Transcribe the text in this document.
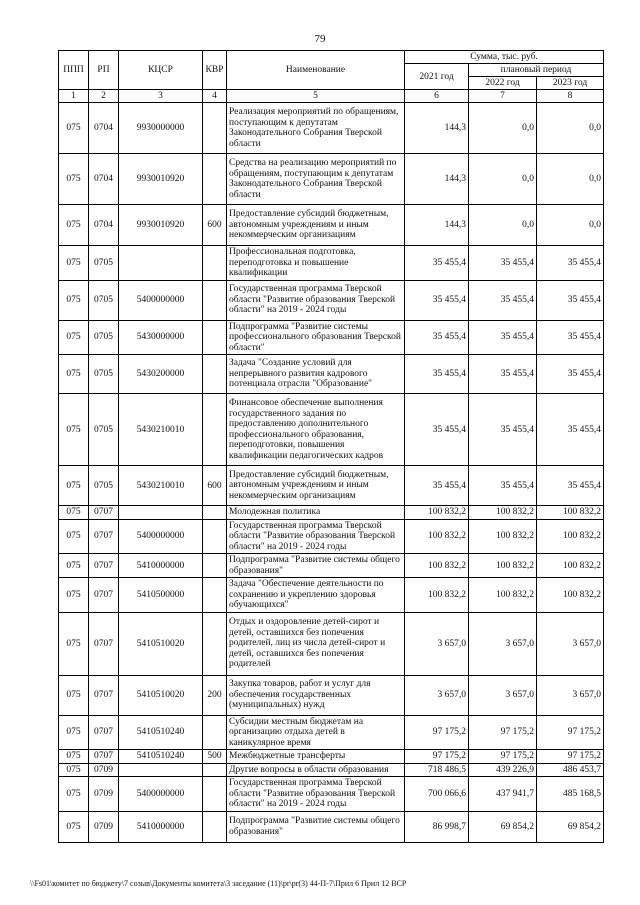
79
ППП	РП	КЦСР	КВР	Наименование	Сумма, тыс. руб.		
					2021 год	плановый период	
						2022 год	2023 год
1	2	3	4	5	6	7	8
075	0704	9930000000		Реализация мероприятий по обращениям, поступающим к депутатам Законодательного Собрания Тверской области	144,3	0,0	0,0
075	0704	9930010920		Средства на реализацию мероприятий по обращениям, поступающим к депутатам Законодательного Собрания Тверской области	144,3	0,0	0,0
075	0704	9930010920	600	Предоставление субсидий бюджетным, автономным учреждениям и иным некоммерческим организациям	144,3	0,0	0,0
075	0705			Профессиональная подготовка, переподготовка и повышение квалификации	35 455,4	35 455,4	35 455,4
075	0705	5400000000		Государственная программа Тверской области "Развитие образования Тверской области" на 2019 - 2024 годы	35 455,4	35 455,4	35 455,4
075	0705	5430000000		Подпрограмма "Развитие системы профессионального образования Тверской области"	35 455,4	35 455,4	35 455,4
075	0705	5430200000		Задача "Создание условий для непрерывного развития кадрового потенциала отрасли "Образование"	35 455,4	35 455,4	35 455,4
075	0705	5430210010		Финансовое обеспечение выполнения государственного задания по предоставлению дополнительного профессионального образования, переподготовки, повышения квалификации педагогических кадров	35 455,4	35 455,4	35 455,4
075	0705	5430210010	600	Предоставление субсидий бюджетным, автономным учреждениям и иным некоммерческим организациям	35 455,4	35 455,4	35 455,4
075	0707			Молодежная политика	100 832,2	100 832,2	100 832,2
075	0707	5400000000		Государственная программа Тверской области "Развитие образования Тверской области" на 2019 - 2024 годы	100 832,2	100 832,2	100 832,2
075	0707	5410000000		Подпрограмма "Развитие системы общего образования"	100 832,2	100 832,2	100 832,2
075	0707	5410500000		Задача "Обеспечение деятельности по сохранению и укреплению здоровья обучающихся"	100 832,2	100 832,2	100 832,2
075	0707	5410510020		Отдых и оздоровление детей-сирот и детей, оставшихся без попечения родителей, лиц из числа детей-сирот и детей, оставшихся без попечения родителей	3 657,0	3 657,0	3 657,0
075	0707	5410510020	200	Закупка товаров, работ и услуг для обеспечения государственных (муниципальных) нужд	3 657,0	3 657,0	3 657,0
075	0707	5410510240		Субсидии местным бюджетам на организацию отдыха детей в каникулярное время	97 175,2	97 175,2	97 175,2
075	0707	5410510240	500	Межбюджетные трансферты	97 175,2	97 175,2	97 175,2
075	0709			Другие вопросы в области образования	718 486,5	439 226,9	486 453,7
075	0709	5400000000		Государственная программа Тверской области "Развитие образования Тверской области" на 2019 - 2024 годы	700 066,6	437 941,7	485 168,5
075	0709	5410000000		Подпрограмма "Развитие системы общего образования"	86 998,7	69 854,2	69 854,2
\\Fs01\комитет по бюджету\7 созыв\Документы комитета\3 заседание (11)\pr\pr(3) 44-П-7\Прил 6 Прил 12 ВСР
